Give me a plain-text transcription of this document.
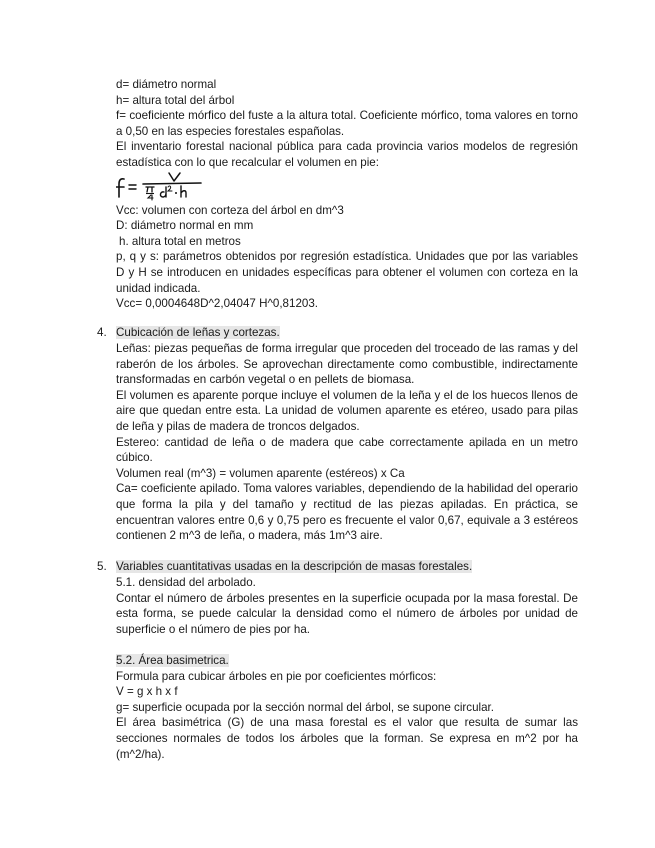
d= diámetro normal

h= altura total del árbol

f= coeficiente mórfico del fuste a la altura total. Coeficiente mórfico, toma valores en torno a 0,50 en las especies forestales españolas.

El inventario forestal nacional pública para cada provincia varios modelos de regresión estadística con lo que recalcular el volumen en pie:

Vcc: volumen con corteza del árbol en dm^3

D: diámetro normal en mm

h. altura total en metros

p, q y s: parámetros obtenidos por regresión estadística. Unidades que por las variables D y H se introducen en unidades específicas para obtener el volumen con corteza en la unidad indicada.

Vcc= 0,0004648D^2,04047 H^0,81203.

4. Cubicación de leñas y cortezas.

Leñas: piezas pequeñas de forma irregular que proceden del troceado de las ramas y del raberón de los árboles. Se aprovechan directamente como combustible, indirectamente transformadas en carbón vegetal o en pellets de biomasa.

El volumen es aparente porque incluye el volumen de la leña y el de los huecos llenos de aire que quedan entre esta. La unidad de volumen aparente es etéreo, usado para pilas de leña y pilas de madera de troncos delgados.

Estereo: cantidad de leña o de madera que cabe correctamente apilada en un metro cúbico.

Volumen real (m^3) = volumen aparente (estéreos) x Ca

Ca= coeficiente apilado. Toma valores variables, dependiendo de la habilidad del operario que forma la pila y del tamaño y rectitud de las piezas apiladas. En práctica, se encuentran valores entre 0,6 y 0,75 pero es frecuente el valor 0,67, equivale a 3 estéreos contienen 2 m^3 de leña, o madera, más 1m^3 aire.

5. Variables cuantitativas usadas en la descripción de masas forestales.

5.1. densidad del arbolado.

Contar el número de árboles presentes en la superficie ocupada por la masa forestal. De esta forma, se puede calcular la densidad como el número de árboles por unidad de superficie o el número de pies por ha.

5.2. Área basimetrica.

Formula para cubicar árboles en pie por coeficientes mórficos:

V = g x h x f

g= superficie ocupada por la sección normal del árbol, se supone circular.

El área basimétrica (G) de una masa forestal es el valor que resulta de sumar las secciones normales de todos los árboles que la forman. Se expresa en m^2 por ha (m^2/ha).
